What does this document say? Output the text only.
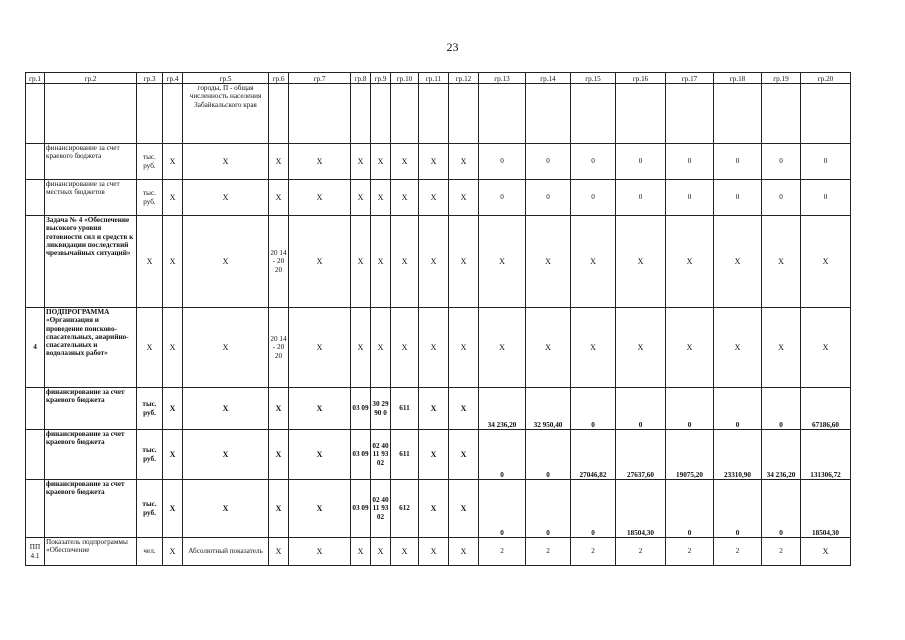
23
гр.1	гр.2	гр.3	гр.4	гр.5	гр.6	гр.7	гр.8	гр.9	гр.10	гр.11	гр.12	гр.13	гр.14	гр.15	гр.16	гр.17	гр.18	гр.19	гр.20
				городы, П - общая численность населения Забайкальского края															
	финансирование за счет краевого бюджета	тыс. руб.	X	X	X	X	X	X	X	X	X	0	0	0	0	0	0	0	0
	финансирование за счет местных бюджетов	тыс. руб.	X	X	X	X	X	X	X	X	X	0	0	0	0	0	0	0	0
	Задача № 4 «Обеспечение высокого уровня готовности сил и средств к ликвидации последствий чрезвычайных ситуаций»	X	X	X	20 14 - 20 20	X	X	X	X	X	X	X	X	X	X	X	X	X	X
4	ПОДПРОГРАММА «Организация и проведение поисково-спасательных, аварийно-спасательных и водолазных работ»	X	X	X	20 14 - 20 20	X	X	X	X	X	X	X	X	X	X	X	X	X	X
	финансирование за счет краевого бюджета	тыс. руб.	X	X	X	X	03 09	30 29 90 0	611	X	X	34 236,20	32 950,40	0	0	0	0	0	67186,60
	финансирование за счет краевого бюджета	тыс. руб.	X	X	X	X	03 09	02 40 11 93 02	611	X	X	0	0	27046,82	27637,60	19075,20	23310,90	34 236,20	131306,72
	финансирование за счет краевого бюджета	тыс. руб.	X	X	X	X	03 09	02 40 11 93 02	612	X	X	0	0	0	18504,30	0	0	0	18504,30
ПП 4.1	Показатель подпрограммы «Обеспечение	чел.	X	Абсолютный показатель	X	X	X	X	X	X	X	2	2	2	2	2	2	2	X
